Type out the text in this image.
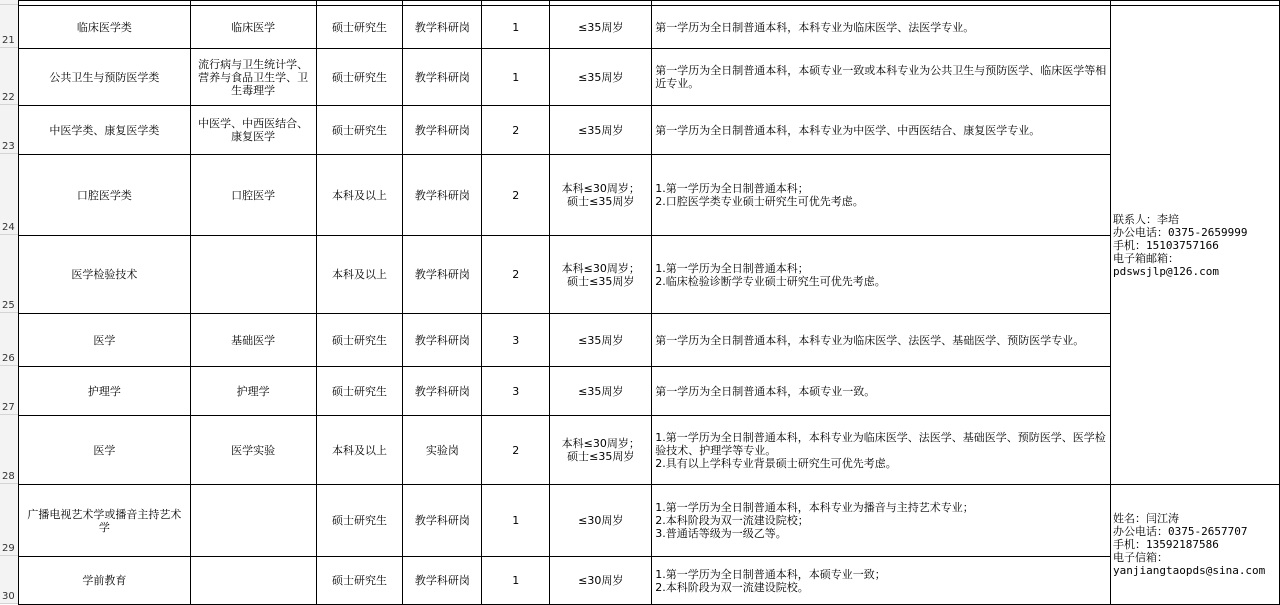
21
22
23
24
25
26
27
28
29
30

临床医学类	临床医学	硕士研究生	教学科研岗	1	≤35周岁	第一学历为全日制普通本科，本科专业为临床医学、法医学专业。	联系人：李培
办公电话：0375-2659999
手机：15103757166
电子箱邮箱：
pdswsjlp@126.com

公共卫生与预防医学类	流行病与卫生统计学、营养与食品卫生学、卫生毒理学	硕士研究生	教学科研岗	1	≤35周岁	第一学历为全日制普通本科，本硕专业一致或本科专业为公共卫生与预防医学、临床医学等相近专业。	
中医学类、康复医学类	中医学、中西医结合、康复医学	硕士研究生	教学科研岗	2	≤35周岁	第一学历为全日制普通本科，本科专业为中医学、中西医结合、康复医学专业。	
口腔医学类	口腔医学	本科及以上	教学科研岗	2	本科≤30周岁；
硕士≤35周岁	1.第一学历为全日制普通本科；
2.口腔医学类专业硕士研究生可优先考虑。	

医学检验技术		本科及以上	教学科研岗	2	本科≤30周岁；
硕士≤35周岁	1.第一学历为全日制普通本科；
2.临床检验诊断学专业硕士研究生可优先考虑。	

医学	基础医学	硕士研究生	教学科研岗	3	≤35周岁	第一学历为全日制普通本科，本科专业为临床医学、法医学、基础医学、预防医学专业。	
护理学	护理学	硕士研究生	教学科研岗	3	≤35周岁	第一学历为全日制普通本科，本硕专业一致。	
医学	医学实验	本科及以上	实验岗	2	本科≤30周岁；
硕士≤35周岁	1.第一学历为全日制普通本科，本科专业为临床医学、法医学、基础医学、预防医学、医学检验技术、护理学等专业。
2.具有以上学科专业背景硕士研究生可优先考虑。	

广播电视艺术学或播音主持艺术学		硕士研究生	教学科研岗	1	≤30周岁	1.第一学历为全日制普通本科，本科专业为播音与主持艺术专业；
2.本科阶段为双一流建设院校；
3.普通话等级为一级乙等。	姓名：闫江涛
办公电话：0375-2657707
手机：13592187586
电子信箱：
yanjiangtaopds@sina.com

学前教育		硕士研究生	教学科研岗	1	≤30周岁	1.第一学历为全日制普通本科，本硕专业一致；
2.本科阶段为双一流建设院校。	
